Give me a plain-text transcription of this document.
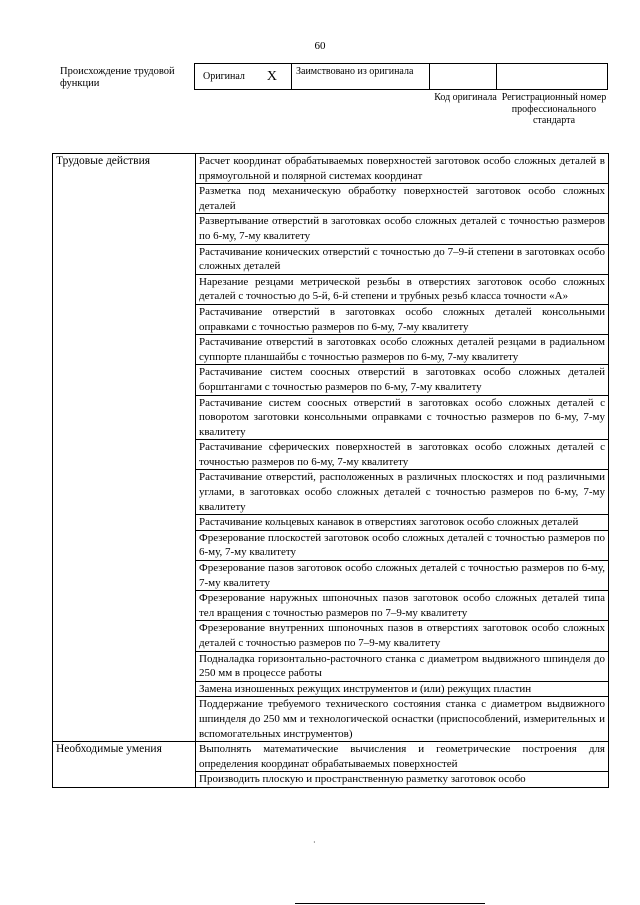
60
Происхождение трудовой функции
Оригинал X	Заимствовано из оригинала
Код оригинала Регистрационный номер профессионального стандарта
Трудовые действия	Расчет координат обрабатываемых поверхностей заготовок особо сложных деталей в прямоугольной и полярной системах координат
	Разметка под механическую обработку поверхностей заготовок особо сложных деталей
	Развертывание отверстий в заготовках особо сложных деталей с точностью размеров по 6-му, 7-му квалитету
	Растачивание конических отверстий с точностью до 7–9-й степени в заготовках особо сложных деталей
	Нарезание резцами метрической резьбы в отверстиях заготовок особо сложных деталей с точностью до 5-й, 6-й степени и трубных резьб класса точности «А»
	Растачивание отверстий в заготовках особо сложных деталей консольными оправками с точностью размеров по 6-му, 7-му квалитету
	Растачивание отверстий в заготовках особо сложных деталей резцами в радиальном суппорте планшайбы с точностью размеров по 6-му, 7-му квалитету
	Растачивание систем соосных отверстий в заготовках особо сложных деталей борштангами с точностью размеров по 6-му, 7-му квалитету
	Растачивание систем соосных отверстий в заготовках особо сложных деталей с поворотом заготовки консольными оправками с точностью размеров по 6-му, 7-му квалитету
	Растачивание сферических поверхностей в заготовках особо сложных деталей с точностью размеров по 6-му, 7-му квалитету
	Растачивание отверстий, расположенных в различных плоскостях и под различными углами, в заготовках особо сложных деталей с точностью размеров по 6-му, 7-му квалитету
	Растачивание кольцевых канавок в отверстиях заготовок особо сложных деталей
	Фрезерование плоскостей заготовок особо сложных деталей с точностью размеров по 6-му, 7-му квалитету
	Фрезерование пазов заготовок особо сложных деталей с точностью размеров по 6-му, 7-му квалитету
	Фрезерование наружных шпоночных пазов заготовок особо сложных деталей типа тел вращения с точностью размеров по 7–9-му квалитету
	Фрезерование внутренних шпоночных пазов в отверстиях заготовок особо сложных деталей с точностью размеров по 7–9-му квалитету
	Подналадка горизонтально-расточного станка с диаметром выдвижного шпинделя до 250 мм в процессе работы
	Замена изношенных режущих инструментов и (или) режущих пластин
	Поддержание требуемого технического состояния станка с диаметром выдвижного шпинделя до 250 мм и технологической оснастки (приспособлений, измерительных и вспомогательных инструментов)
Необходимые умения	Выполнять математические вычисления и геометрические построения для определения координат обрабатываемых поверхностей
	Производить плоскую и пространственную разметку заготовок особо
·
